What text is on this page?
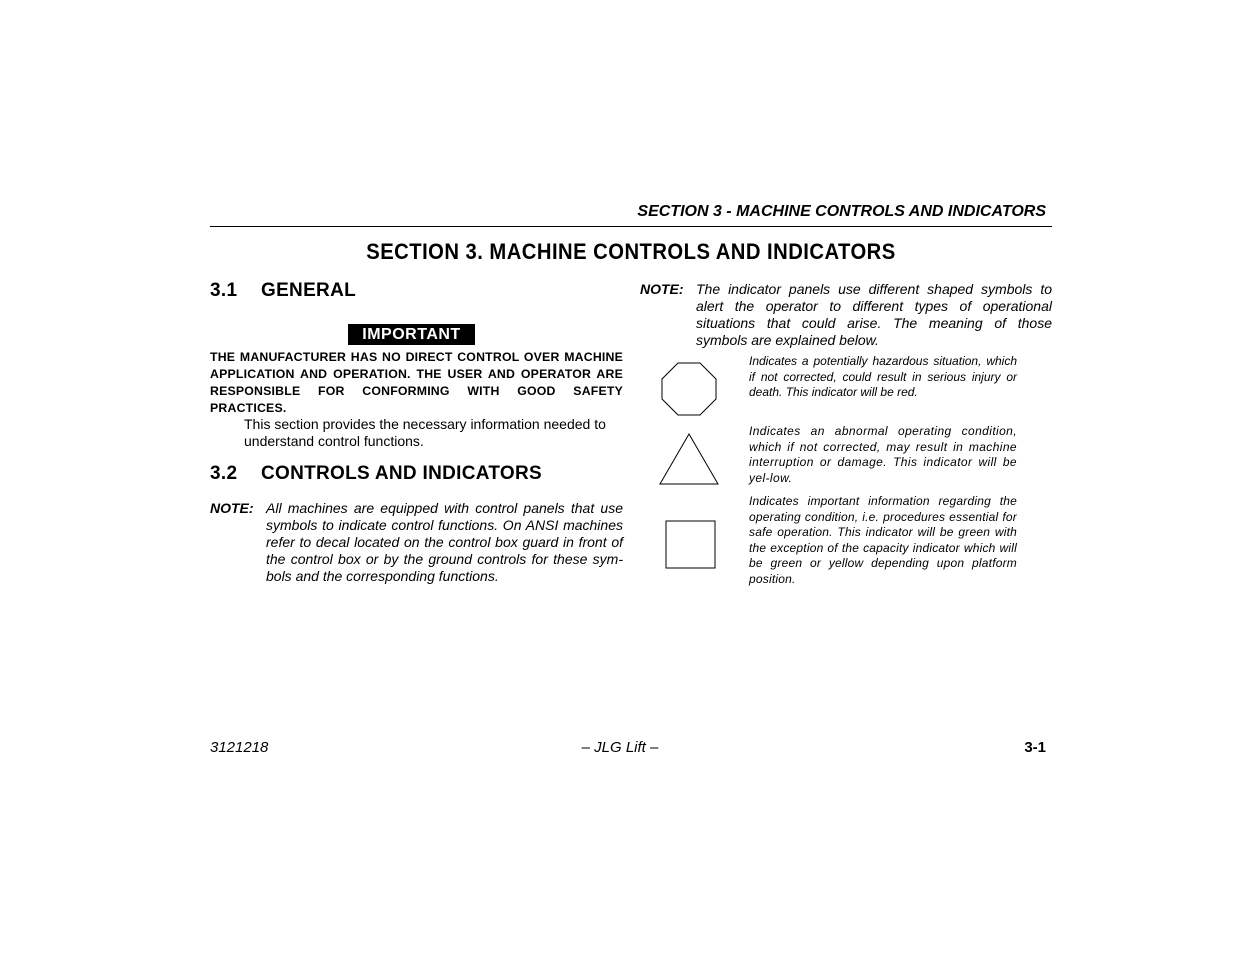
SECTION 3 - MACHINE CONTROLS AND INDICATORS
SECTION 3. MACHINE CONTROLS AND INDICATORS
3.1 GENERAL
IMPORTANT
THE MANUFACTURER HAS NO DIRECT CONTROL OVER MACHINE APPLICATION AND OPERATION. THE USER AND OPERATOR ARE RESPONSIBLE FOR CONFORMING WITH GOOD SAFETY PRACTICES.
This section provides the necessary information needed to understand control functions.
3.2 CONTROLS AND INDICATORS
NOTE: All machines are equipped with control panels that use symbols to indicate control functions. On ANSI machines refer to decal located on the control box guard in front of the control box or by the ground controls for these sym-bols and the corresponding functions.
NOTE: The indicator panels use different shaped symbols to alert the operator to different types of operational situations that could arise. The meaning of those symbols are explained below.
Indicates a potentially hazardous situation, which if not corrected, could result in serious injury or death. This indicator will be red.
Indicates an abnormal operating condition, which if not corrected, may result in machine interruption or damage. This indicator will be yel-low.
Indicates important information regarding the operating condition, i.e. procedures essential for safe operation. This indicator will be green with the exception of the capacity indicator which will be green or yellow depending upon platform position.
3121218	– JLG Lift –	3-1
